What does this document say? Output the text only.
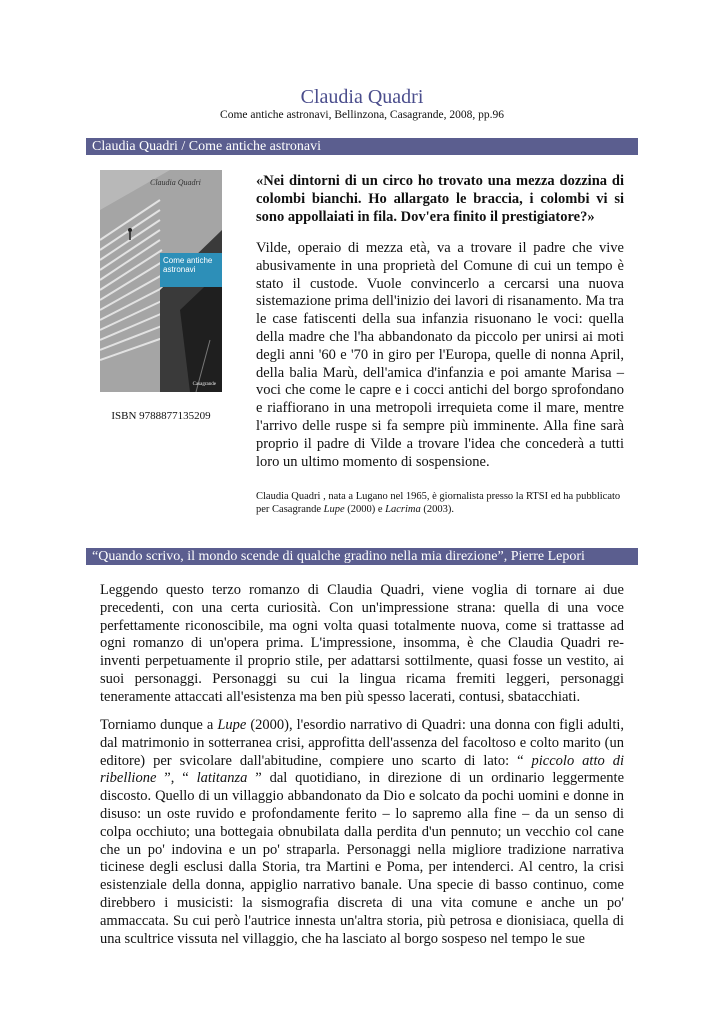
Claudia Quadri
Come antiche astronavi, Bellinzona, Casagrande, 2008, pp.96
Claudia Quadri / Come antiche astronavi
Claudia Quadri
Come antiche
astronavi
Casagrande
ISBN 9788877135209

«Nei dintorni di un circo ho trovato una mezza dozzina di colombi bianchi. Ho allargato le braccia, i colombi vi si sono appollaiati in fila. Dov'era finito il prestigiatore?»

Vilde, operaio di mezza età, va a trovare il padre che vive abusivamente in una proprietà del Comune di cui un tempo è stato il custode. Vuole convincerlo a cercarsi una nuova sistemazione prima dell'inizio dei lavori di risanamento. Ma tra le case fatiscenti della sua infanzia risuonano le voci: quella della madre che l'ha abbandonato da piccolo per unirsi ai moti degli anni '60 e '70 in giro per l'Europa, quelle di nonna April, della balia Marù, dell'amica d'infanzia e poi amante Marisa – voci che come le capre e i cocci antichi del borgo sprofondano e riaffiorano in una metropoli irrequieta come il mare, mentre l'arrivo delle ruspe si fa sempre più imminente. Alla fine sarà proprio il padre di Vilde a trovare l'idea che concederà a tutti loro un ultimo momento di sospensione.

Claudia Quadri , nata a Lugano nel 1965, è giornalista presso la RTSI ed ha pubblicato per Casagrande Lupe (2000) e Lacrima (2003).

“Quando scrivo, il mondo scende di qualche gradino nella mia direzione”, Pierre Lepori

Leggendo questo terzo romanzo di Claudia Quadri, viene voglia di tornare ai due precedenti, con una certa curiosità. Con un'impressione strana: quella di una voce perfettamente riconoscibile, ma ogni volta quasi totalmente nuova, come si trattasse ad ogni romanzo di un'opera prima. L'impressione, insomma, è che Claudia Quadri re-inventi perpetuamente il proprio stile, per adattarsi sottilmente, quasi fosse un vestito, ai suoi personaggi. Personaggi su cui la lingua ricama fremiti leggeri, personaggi teneramente attaccati all'esistenza ma ben più spesso lacerati, contusi, sbatacchiati.

Torniamo dunque a Lupe (2000), l'esordio narrativo di Quadri: una donna con figli adulti, dal matrimonio in sotterranea crisi, approfitta dell'assenza del facoltoso e colto marito (un editore) per svicolare dall'abitudine, compiere uno scarto di lato: “ piccolo atto di ribellione ”, “ latitanza ” dal quotidiano, in direzione di un ordinario leggermente discosto. Quello di un villaggio abbandonato da Dio e solcato da pochi uomini e donne in disuso: un oste ruvido e profondamente ferito – lo sapremo alla fine – da un senso di colpa occhiuto; una bottegaia obnubilata dalla perdita d'un pennuto; un vecchio col cane che un po' indovina e un po' straparla. Personaggi nella migliore tradizione narrativa ticinese degli esclusi dalla Storia, tra Martini e Poma, per intenderci. Al centro, la crisi esistenziale della donna, appiglio narrativo banale. Una specie di basso continuo, come direbbero i musicisti: la sismografia discreta di una vita comune e anche un po' ammaccata. Su cui però l'autrice innesta un'altra storia, più petrosa e dionisiaca, quella di una scultrice vissuta nel villaggio, che ha lasciato al borgo sospeso nel tempo le sue
